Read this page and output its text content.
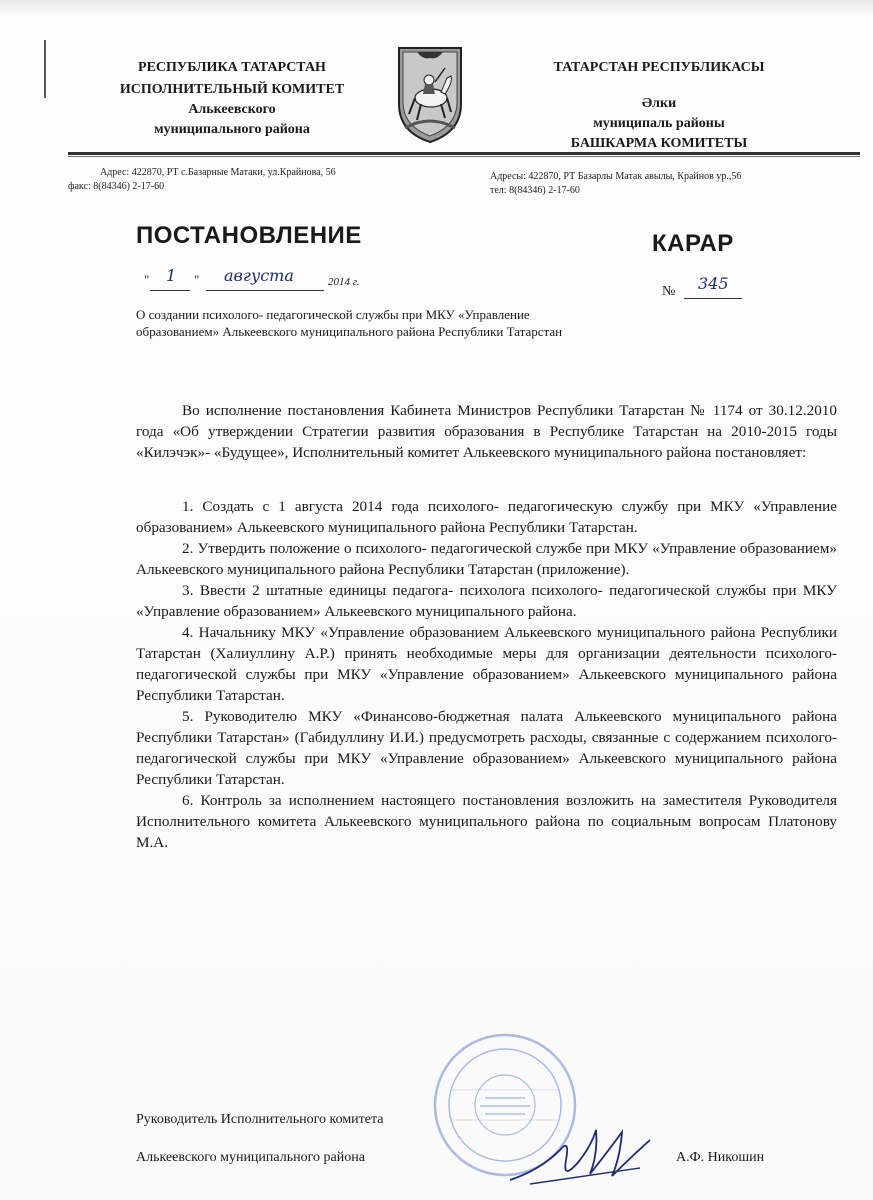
РЕСПУБЛИКА ТАТАРСТАН
ИСПОЛНИТЕЛЬНЫЙ КОМИТЕТ
Алькеевского
муниципального района
ТАТАРСТАН РЕСПУБЛИКАСЫ
Әлки
муниципаль районы
БАШКАРМА КОМИТЕТЫ
Адрес: 422870, РТ с.Базарные Матаки, ул.Крайнова, 56
факс: 8(84346) 2-17-60
Адресы: 422870, РТ Базарлы Матак авылы, Крайнов ур.,56
тел: 8(84346) 2-17-60
ПОСТАНОВЛЕНИЕ	КАРАР
" 1 " августа	2014 г.
№ 345
О создании психолого- педагогической службы при МКУ «Управление образованием» Алькеевского муниципального района Республики Татарстан

Во исполнение постановления Кабинета Министров Республики Татарстан № 1174 от 30.12.2010 года «Об утверждении Стратегии развития образования в Республике Татарстан на 2010-2015 годы «Килэчэк»- «Будущее», Исполнительный комитет Алькеевского муниципального района постановляет:

1. Создать с 1 августа 2014 года психолого- педагогическую службу при МКУ «Управление образованием» Алькеевского муниципального района Республики Татарстан.

2. Утвердить положение о психолого- педагогической службе при МКУ «Управление образованием» Алькеевского муниципального района Республики Татарстан (приложение).

3. Ввести 2 штатные единицы педагога- психолога психолого- педагогической службы при МКУ «Управление образованием» Алькеевского муниципального района.

4. Начальнику МКУ «Управление образованием Алькеевского муниципального района Республики Татарстан (Халиуллину А.Р.) принять необходимые меры для организации деятельности психолого- педагогической службы при МКУ «Управление образованием» Алькеевского муниципального района Республики Татарстан.

5. Руководителю МКУ «Финансово-бюджетная палата Алькеевского муниципального района Республики Татарстан» (Габидуллину И.И.) предусмотреть расходы, связанные с содержанием психолого- педагогической службы при МКУ «Управление образованием» Алькеевского муниципального района Республики Татарстан.

6. Контроль за исполнением настоящего постановления возложить на заместителя Руководителя Исполнительного комитета Алькеевского муниципального района по социальным вопросам Платонову М.А.

Руководитель Исполнительного комитета
Алькеевского муниципального района	А.Ф. Никошин
